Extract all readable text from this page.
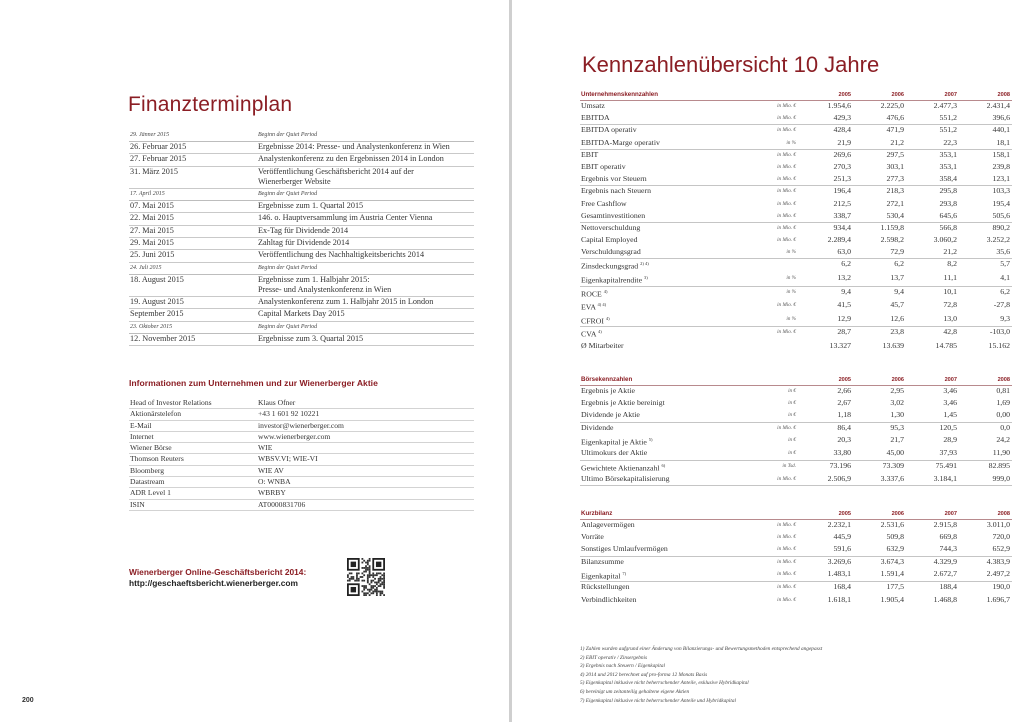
Finanzterminplan
29. Jänner 2015	Beginn der Quiet Period
26. Februar 2015	Ergebnisse 2014: Presse- und Analystenkonferenz in Wien
27. Februar 2015	Analystenkonferenz zu den Ergebnissen 2014 in London
31. März 2015	Veröffentlichung Geschäftsbericht 2014 auf der
Wienerberger Website
17. April 2015	Beginn der Quiet Period
07. Mai 2015	Ergebnisse zum 1. Quartal 2015
22. Mai 2015	146. o. Hauptversammlung im Austria Center Vienna
27. Mai 2015	Ex-Tag für Dividende 2014
29. Mai 2015	Zahltag für Dividende 2014
25. Juni 2015	Veröffentlichung des Nachhaltigkeitsberichts 2014
24. Juli 2015	Beginn der Quiet Period
18. August 2015	Ergebnisse zum 1. Halbjahr 2015:
Presse- und Analystenkonferenz in Wien
19. August 2015	Analystenkonferenz zum 1. Halbjahr 2015 in London
September 2015	Capital Markets Day 2015
23. Oktober 2015	Beginn der Quiet Period
12. November 2015	Ergebnisse zum 3. Quartal 2015
Informationen zum Unternehmen und zur Wienerberger Aktie
Head of Investor Relations	Klaus Ofner
Aktionärstelefon	+43 1 601 92 10221
E-Mail	investor@wienerberger.com
Internet	www.wienerberger.com
Wiener Börse	WIE
Thomson Reuters	WBSV.VI; WIE-VI
Bloomberg	WIE AV
Datastream	O: WNBA
ADR Level 1	WBRBY
ISIN	AT0000831706
Wienerberger Online-Geschäftsbericht 2014:
http://geschaeftsbericht.wienerberger.com
200
Kennzahlenübersicht 10 Jahre
Unternehmenskennzahlen		2005	2006	2007	2008
Umsatz	in Mio. €	1.954,6	2.225,0	2.477,3	2.431,4
EBITDA	in Mio. €	429,3	476,6	551,2	396,6
EBITDA operativ	in Mio. €	428,4	471,9	551,2	440,1
EBITDA-Marge operativ	in %	21,9	21,2	22,3	18,1
EBIT	in Mio. €	269,6	297,5	353,1	158,1
EBIT operativ	in Mio. €	270,3	303,1	353,1	239,8
Ergebnis vor Steuern	in Mio. €	251,3	277,3	358,4	123,1
Ergebnis nach Steuern	in Mio. €	196,4	218,3	295,8	103,3
Free Cashflow	in Mio. €	212,5	272,1	293,8	195,4
Gesamtinvestitionen	in Mio. €	338,7	530,4	645,6	505,6
Nettoverschuldung	in Mio. €	934,4	1.159,8	566,8	890,2
Capital Employed	in Mio. €	2.289,4	2.598,2	3.060,2	3.252,2
Verschuldungsgrad	in %	63,0	72,9	21,2	35,6
Zinsdeckungsgrad $^{2) 4)}$		6,2	6,2	8,2	5,7
Eigenkapitalrendite $^{3)}$	in %	13,2	13,7	11,1	4,1
ROCE $^{4)}$	in %	9,4	9,4	10,1	6,2
EVA $^{4) 4)}$	in Mio. €	41,5	45,7	72,8	-27,8
CFROI $^{4)}$	in %	12,9	12,6	13,0	9,3
CVA $^{4)}$	in Mio. €	28,7	23,8	42,8	-103,0
Ø Mitarbeiter		13.327	13.639	14.785	15.162
Börsekennzahlen		2005	2006	2007	2008
Ergebnis je Aktie	in €	2,66	2,95	3,46	0,81
Ergebnis je Aktie bereinigt	in €	2,67	3,02	3,46	1,69
Dividende je Aktie	in €	1,18	1,30	1,45	0,00
Dividende	in Mio. €	86,4	95,3	120,5	0,0
Eigenkapital je Aktie $^{5)}$	in €	20,3	21,7	28,9	24,2
Ultimokurs der Aktie	in €	33,80	45,00	37,93	11,90
Gewichtete Aktienanzahl $^{6)}$	in Tsd.	73.196	73.309	75.491	82.895
Ultimo Börsekapitalisierung	in Mio. €	2.506,9	3.337,6	3.184,1	999,0
Kurzbilanz		2005	2006	2007	2008
Anlagevermögen	in Mio. €	2.232,1	2.531,6	2.915,8	3.011,0
Vorräte	in Mio. €	445,9	509,8	669,8	720,0
Sonstiges Umlaufvermögen	in Mio. €	591,6	632,9	744,3	652,9
Bilanzsumme	in Mio. €	3.269,6	3.674,3	4.329,9	4.383,9
Eigenkapital $^{7)}$	in Mio. €	1.483,1	1.591,4	2.672,7	2.497,2
Rückstellungen	in Mio. €	168,4	177,5	188,4	190,0
Verbindlichkeiten	in Mio. €	1.618,1	1.905,4	1.468,8	1.696,7
1) Zahlen wurden aufgrund einer Änderung von Bilanzierungs- und Bewertungsmethoden entsprechend angepasst
2) EBIT operativ / Zinsergebnis
3) Ergebnis nach Steuern / Eigenkapital
4) 2014 und 2012 berechnet auf pro-forma 12 Monats Basis
5) Eigenkapital inklusive nicht beherrschender Anteile, exklusive Hybridkapital
6) bereinigt um zeitanteilig gehaltene eigene Aktien
7) Eigenkapital inklusive nicht beherrschender Anteile und Hybridkapital
